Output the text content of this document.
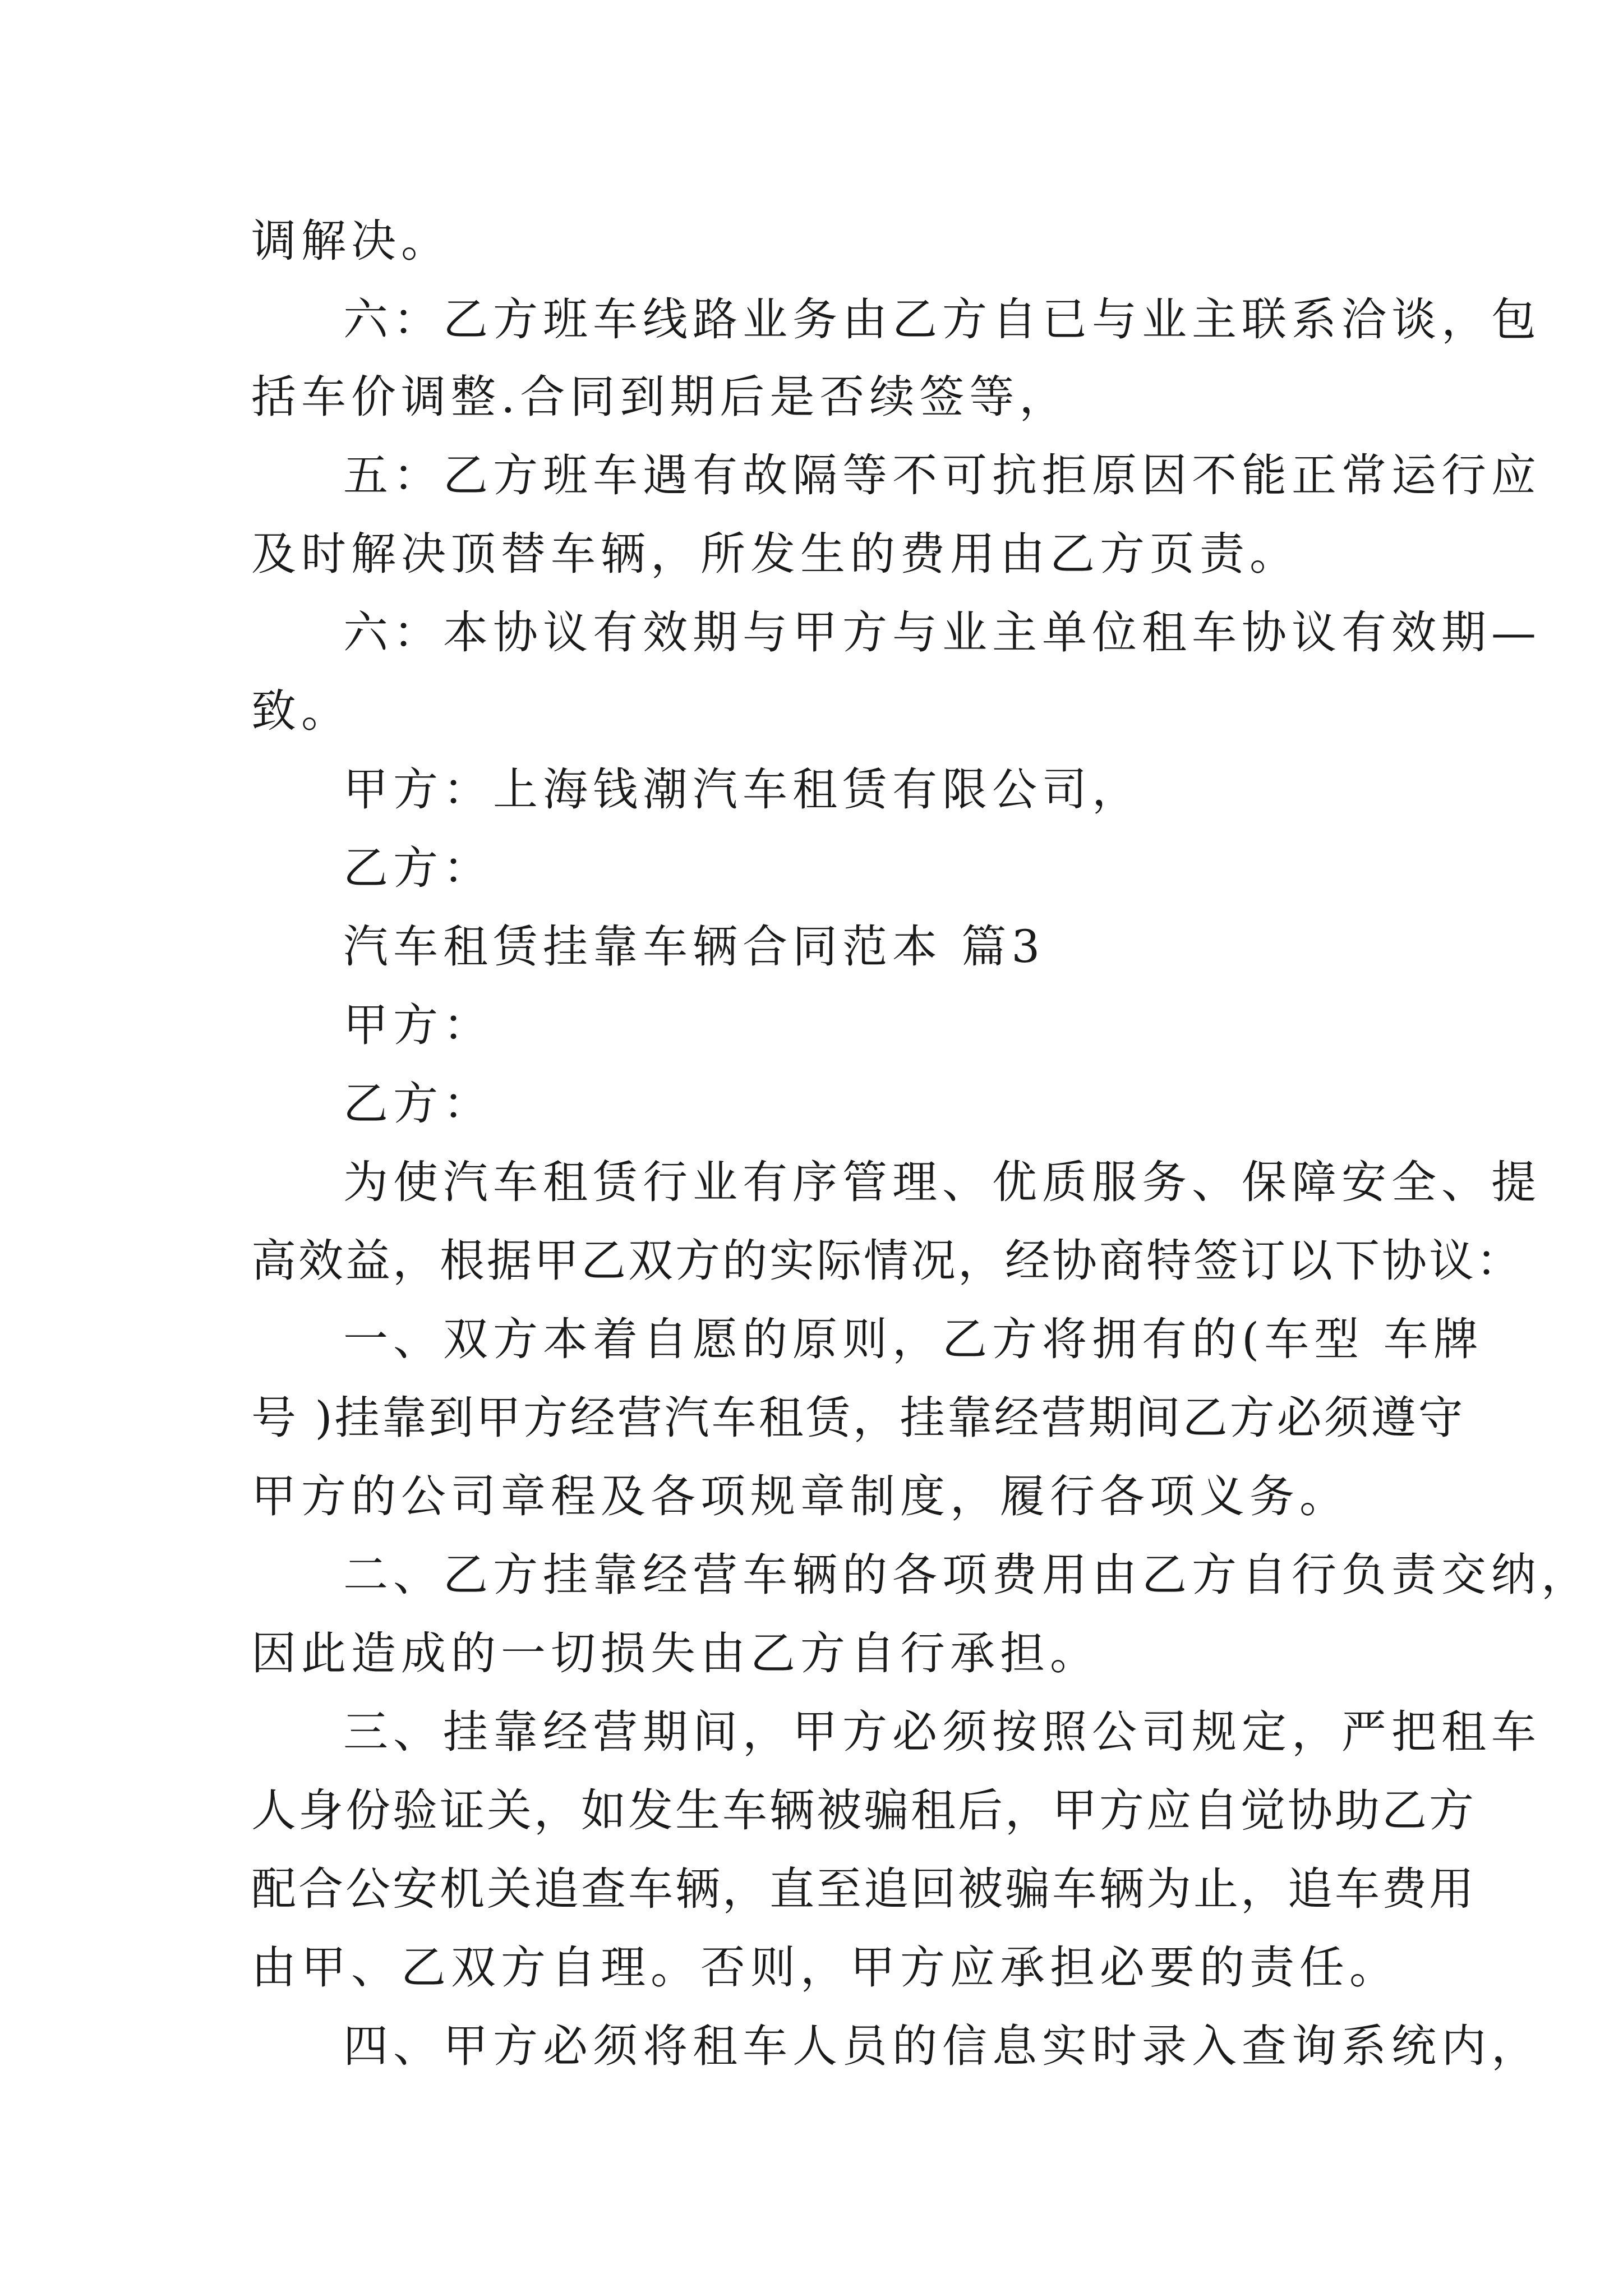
调解决。

六：乙方班车线路业务由乙方自已与业主联系洽谈，包

括车价调整.合同到期后是否续签等，

五：乙方班车遇有故隔等不可抗拒原因不能正常运行应

及时解决顶替车辆，所发生的费用由乙方页责。

六：本协议有效期与甲方与业主单位租车协议有效期—

致。

甲方：上海钱潮汽车租赁有限公司，

乙方：

汽车租赁挂靠车辆合同范本 篇3

甲方：

乙方：

为使汽车租赁行业有序管理、优质服务、保障安全、提

高效益，根据甲乙双方的实际情况，经协商特签订以下协议：

一、双方本着自愿的原则，乙方将拥有的(车型 车牌

号 )挂靠到甲方经营汽车租赁，挂靠经营期间乙方必须遵守

甲方的公司章程及各项规章制度，履行各项义务。

二、乙方挂靠经营车辆的各项费用由乙方自行负责交纳，

因此造成的一切损失由乙方自行承担。

三、挂靠经营期间，甲方必须按照公司规定，严把租车

人身份验证关，如发生车辆被骗租后，甲方应自觉协助乙方

配合公安机关追查车辆，直至追回被骗车辆为止，追车费用

由甲、乙双方自理。否则，甲方应承担必要的责任。

四、甲方必须将租车人员的信息实时录入查询系统内，
